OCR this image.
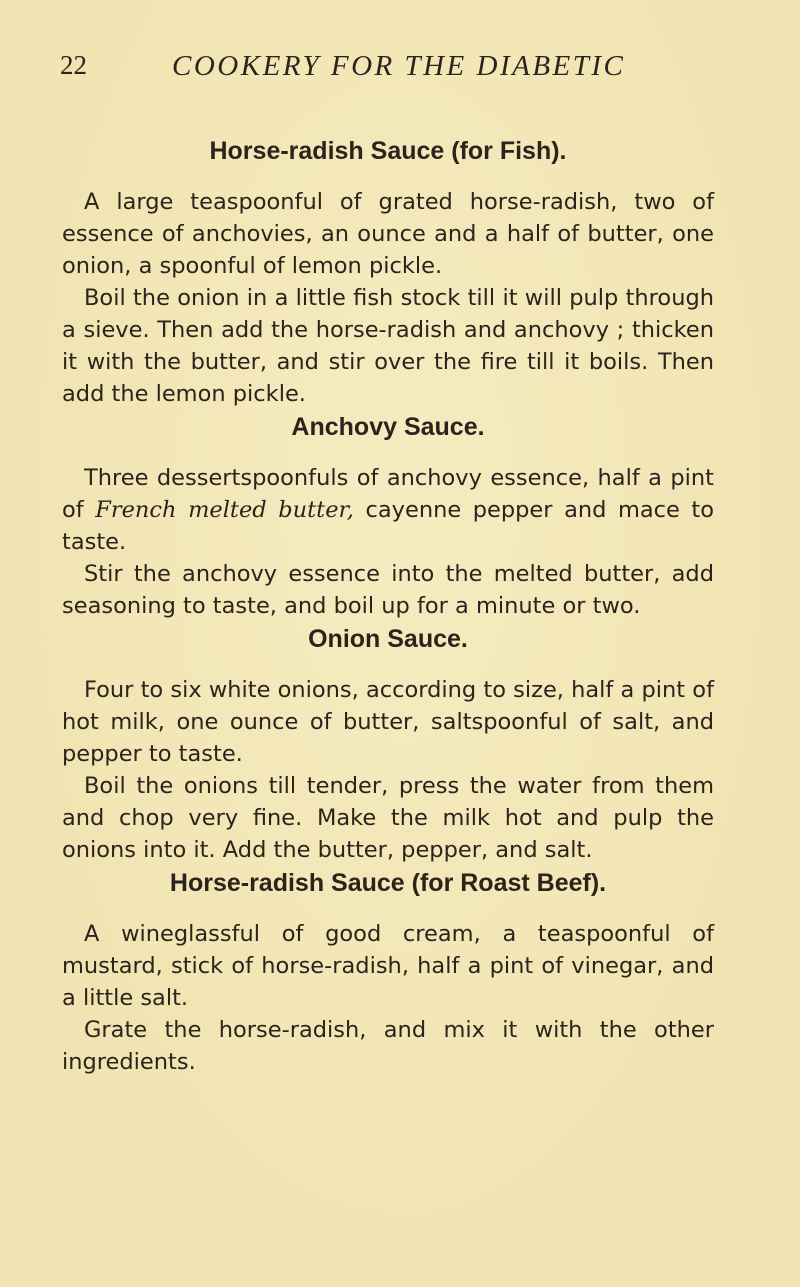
22	COOKERY FOR THE DIABETIC
Horse-radish Sauce (for Fish).

A large teaspoonful of grated horse-radish, two of essence of anchovies, an ounce and a half of butter, one onion, a spoonful of lemon pickle.

Boil the onion in a little fish stock till it will pulp through a sieve. Then add the horse-radish and anchovy ; thicken it with the butter, and stir over the fire till it boils. Then add the lemon pickle.

Anchovy Sauce.

Three dessertspoonfuls of anchovy essence, half a pint of French melted butter, cayenne pepper and mace to taste.

Stir the anchovy essence into the melted butter, add seasoning to taste, and boil up for a minute or two.

Onion Sauce.

Four to six white onions, according to size, half a pint of hot milk, one ounce of butter, saltspoonful of salt, and pepper to taste.

Boil the onions till tender, press the water from them and chop very fine. Make the milk hot and pulp the onions into it. Add the butter, pepper, and salt.

Horse-radish Sauce (for Roast Beef).

A wineglassful of good cream, a teaspoonful of mustard, stick of horse-radish, half a pint of vinegar, and a little salt.

Grate the horse-radish, and mix it with the other ingredients.
